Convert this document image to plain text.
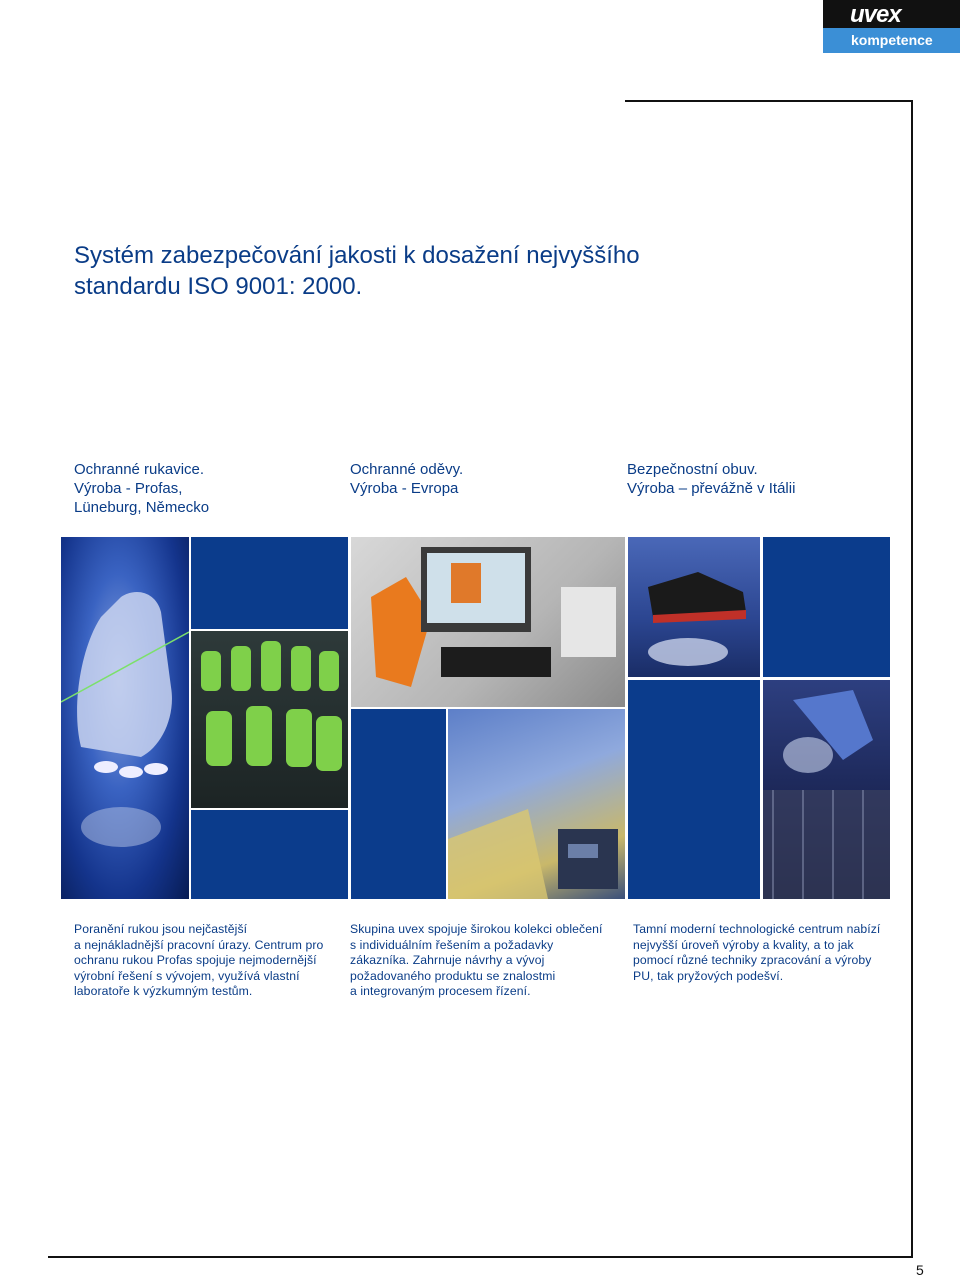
uvex
kompetence
Systém zabezpečování jakosti k dosažení nejvyššího
standardu ISO 9001: 2000.
Ochranné rukavice.
Výroba - Profas,
Lüneburg, Německo
Ochranné oděvy.
Výroba - Evropa
Bezpečnostní obuv.
Výroba – převážně v Itálii
Poranění rukou jsou nejčastější
a nejnákladnější pracovní úrazy. Centrum pro
ochranu rukou Profas spojuje nejmodernější
výrobní řešení s vývojem, využívá vlastní
laboratoře k výzkumným testům.
Skupina uvex spojuje širokou kolekci oblečení
s individuálním řešením a požadavky
zákazníka. Zahrnuje návrhy a vývoj
požadovaného produktu se znalostmi
a integrovaným procesem řízení.
Tamní moderní technologické centrum nabízí
nejvyšší úroveň výroby a kvality, a to jak
pomocí různé techniky zpracování a výroby
PU, tak pryžových podešví.
5
